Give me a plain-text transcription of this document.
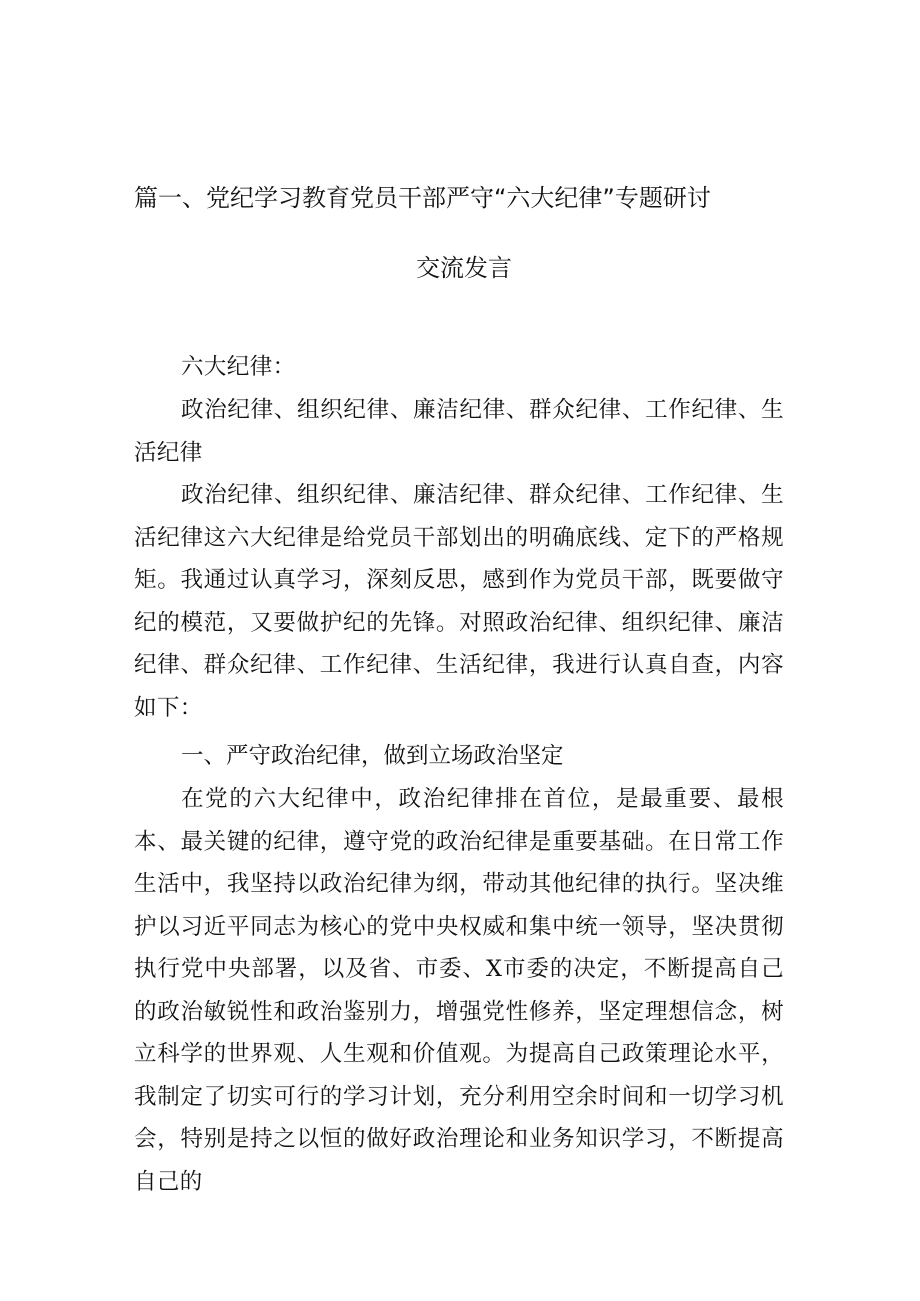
篇一、党纪学习教育党员干部严守“六大纪律”专题研讨
交流发言

六大纪律：

政治纪律、组织纪律、廉洁纪律、群众纪律、工作纪律、生活纪律

政治纪律、组织纪律、廉洁纪律、群众纪律、工作纪律、生活纪律这六大纪律是给党员干部划出的明确底线、定下的严格规矩。我通过认真学习，深刻反思，感到作为党员干部，既要做守纪的模范，又要做护纪的先锋。对照政治纪律、组织纪律、廉洁纪律、群众纪律、工作纪律、生活纪律，我进行认真自查，内容如下：

一、严守政治纪律，做到立场政治坚定

在党的六大纪律中，政治纪律排在首位，是最重要、最根本、最关键的纪律，遵守党的政治纪律是重要基础。在日常工作生活中，我坚持以政治纪律为纲，带动其他纪律的执行。坚决维护以习近平同志为核心的党中央权威和集中统一领导，坚决贯彻执行党中央部署，以及省、市委、X市委的决定，不断提高自己的政治敏锐性和政治鉴别力，增强党性修养，坚定理想信念，树立科学的世界观、人生观和价值观。为提高自己政策理论水平，我制定了切实可行的学习计划，充分利用空余时间和一切学习机会，特别是持之以恒的做好政治理论和业务知识学习，不断提高自己的
